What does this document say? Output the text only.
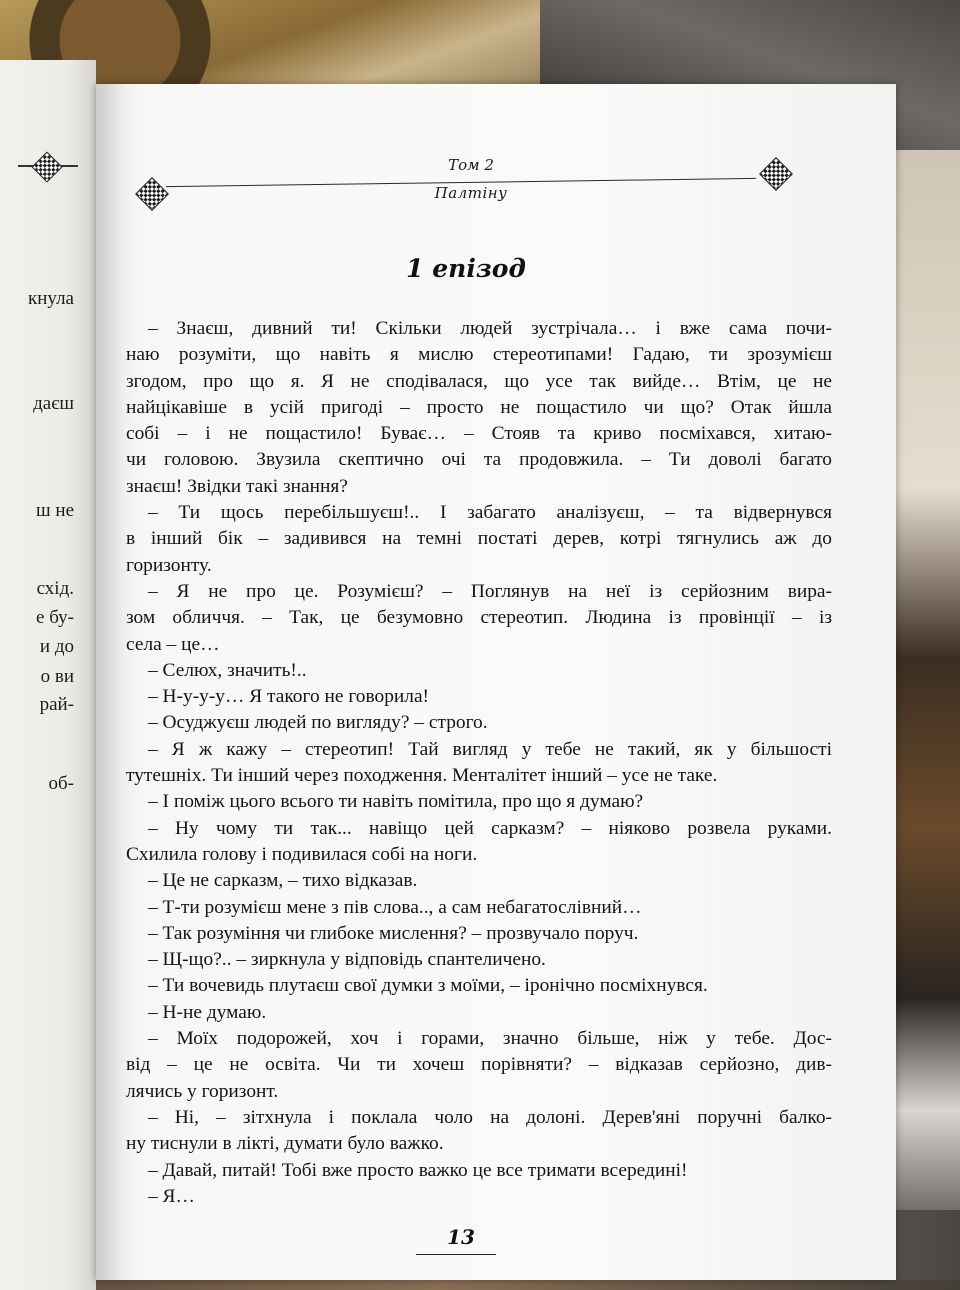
кнула
даєш
ш не
схід.
е бу-
и до
о ви
рай-
об-
Том 2
Палтіну
1 епізод
– Знаєш, дивний ти! Скільки людей зустрічала… і вже сама почи-
наю розуміти, що навіть я мислю стереотипами! Гадаю, ти зрозумієш
згодом, про що я. Я не сподівалася, що усе так вийде… Втім, це не
найцікавіше в усій пригоді – просто не пощастило чи що? Отак йшла
собі – і не пощастило! Буває… – Стояв та криво посміхався, хитаю-
чи головою. Звузила скептично очі та продовжила. – Ти доволі багато
знаєш! Звідки такі знання?
– Ти щось перебільшуєш!.. І забагато аналізуєш, – та відвернувся
в інший бік – задивився на темні постаті дерев, котрі тягнулись аж до
горизонту.
– Я не про це. Розумієш? – Поглянув на неї із серйозним вира-
зом обличчя. – Так, це безумовно стереотип. Людина із провінції – із
села – це…
– Селюх, значить!..
– Н-у-у-у… Я такого не говорила!
– Осуджуєш людей по вигляду? – строго.
– Я ж кажу – стереотип! Тай вигляд у тебе не такий, як у більшості
тутешніх. Ти інший через походження. Менталітет інший – усе не таке.
– І поміж цього всього ти навіть помітила, про що я думаю?
– Ну чому ти так... навіщо цей сарказм? – ніяково розвела руками.
Схилила голову і подивилася собі на ноги.
– Це не сарказм, – тихо відказав.
– Т-ти розумієш мене з пів слова.., а сам небагатослівний…
– Так розуміння чи глибоке мислення? – прозвучало поруч.
– Щ-що?.. – зиркнула у відповідь спантеличено.
– Ти вочевидь плутаєш свої думки з моїми, – іронічно посміхнувся.
– Н-не думаю.
– Моїх подорожей, хоч і горами, значно більше, ніж у тебе. Дос-
від – це не освіта. Чи ти хочеш порівняти? – відказав серйозно, див-
лячись у горизонт.
– Ні, – зітхнула і поклала чоло на долоні. Дерев'яні поручні балко-
ну тиснули в лікті, думати було важко.
– Давай, питай! Тобі вже просто важко це все тримати всередині!
– Я…
13
